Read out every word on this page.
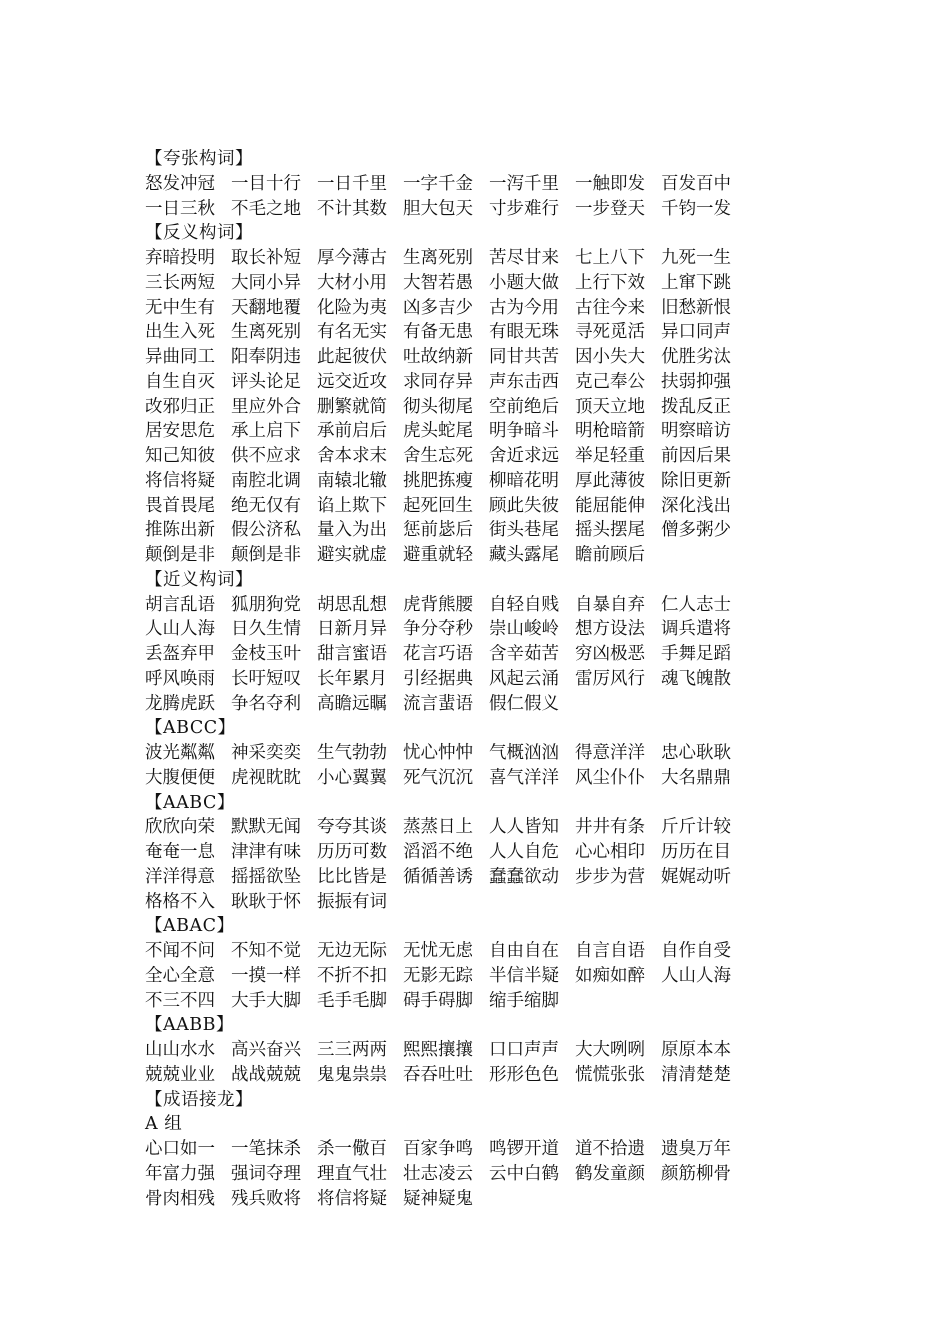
【夸张构词】
怒发冲冠 一目十行 一日千里 一字千金 一泻千里 一触即发 百发百中
一日三秋 不毛之地 不计其数 胆大包天 寸步难行 一步登天 千钧一发
【反义构词】
弃暗投明 取长补短 厚今薄古 生离死别 苦尽甘来 七上八下 九死一生
三长两短 大同小异 大材小用 大智若愚 小题大做 上行下效 上窜下跳
无中生有 天翻地覆 化险为夷 凶多吉少 古为今用 古往今来 旧愁新恨
出生入死 生离死别 有名无实 有备无患 有眼无珠 寻死觅活 异口同声
异曲同工 阳奉阴违 此起彼伏 吐故纳新 同甘共苦 因小失大 优胜劣汰
自生自灭 评头论足 远交近攻 求同存异 声东击西 克己奉公 扶弱抑强
改邪归正 里应外合 删繁就简 彻头彻尾 空前绝后 顶天立地 拨乱反正
居安思危 承上启下 承前启后 虎头蛇尾 明争暗斗 明枪暗箭 明察暗访
知己知彼 供不应求 舍本求末 舍生忘死 舍近求远 举足轻重 前因后果
将信将疑 南腔北调 南辕北辙 挑肥拣瘦 柳暗花明 厚此薄彼 除旧更新
畏首畏尾 绝无仅有 谄上欺下 起死回生 顾此失彼 能屈能伸 深化浅出
推陈出新 假公济私 量入为出 惩前毖后 街头巷尾 摇头摆尾 僧多粥少
颠倒是非 颠倒是非 避实就虚 避重就轻 藏头露尾 瞻前顾后
【近义构词】
胡言乱语 狐朋狗党 胡思乱想 虎背熊腰 自轻自贱 自暴自弃 仁人志士
人山人海 日久生情 日新月异 争分夺秒 崇山峻岭 想方设法 调兵遣将
丢盔弃甲 金枝玉叶 甜言蜜语 花言巧语 含辛茹苦 穷凶极恶 手舞足蹈
呼风唤雨 长吁短叹 长年累月 引经据典 风起云涌 雷厉风行 魂飞魄散
龙腾虎跃 争名夺利 高瞻远瞩 流言蜚语 假仁假义
【ABCC】
波光粼粼 神采奕奕 生气勃勃 忧心忡忡 气概汹汹 得意洋洋 忠心耿耿
大腹便便 虎视眈眈 小心翼翼 死气沉沉 喜气洋洋 风尘仆仆 大名鼎鼎
【AABC】
欣欣向荣 默默无闻 夸夸其谈 蒸蒸日上 人人皆知 井井有条 斤斤计较
奄奄一息 津津有味 历历可数 滔滔不绝 人人自危 心心相印 历历在目
洋洋得意 摇摇欲坠 比比皆是 循循善诱 蠢蠢欲动 步步为营 娓娓动听
格格不入 耿耿于怀 振振有词
【ABAC】
不闻不问 不知不觉 无边无际 无忧无虑 自由自在 自言自语 自作自受
全心全意 一摸一样 不折不扣 无影无踪 半信半疑 如痴如醉 人山人海
不三不四 大手大脚 毛手毛脚 碍手碍脚 缩手缩脚
【AABB】
山山水水 高兴奋兴 三三两两 熙熙攘攘 口口声声 大大咧咧 原原本本
兢兢业业 战战兢兢 鬼鬼祟祟 吞吞吐吐 形形色色 慌慌张张 清清楚楚
【成语接龙】
A 组
心口如一 一笔抹杀 杀一儆百 百家争鸣 鸣锣开道 道不拾遗 遗臭万年
年富力强 强词夺理 理直气壮 壮志凌云 云中白鹤 鹤发童颜 颜筋柳骨
骨肉相残 残兵败将 将信将疑 疑神疑鬼
